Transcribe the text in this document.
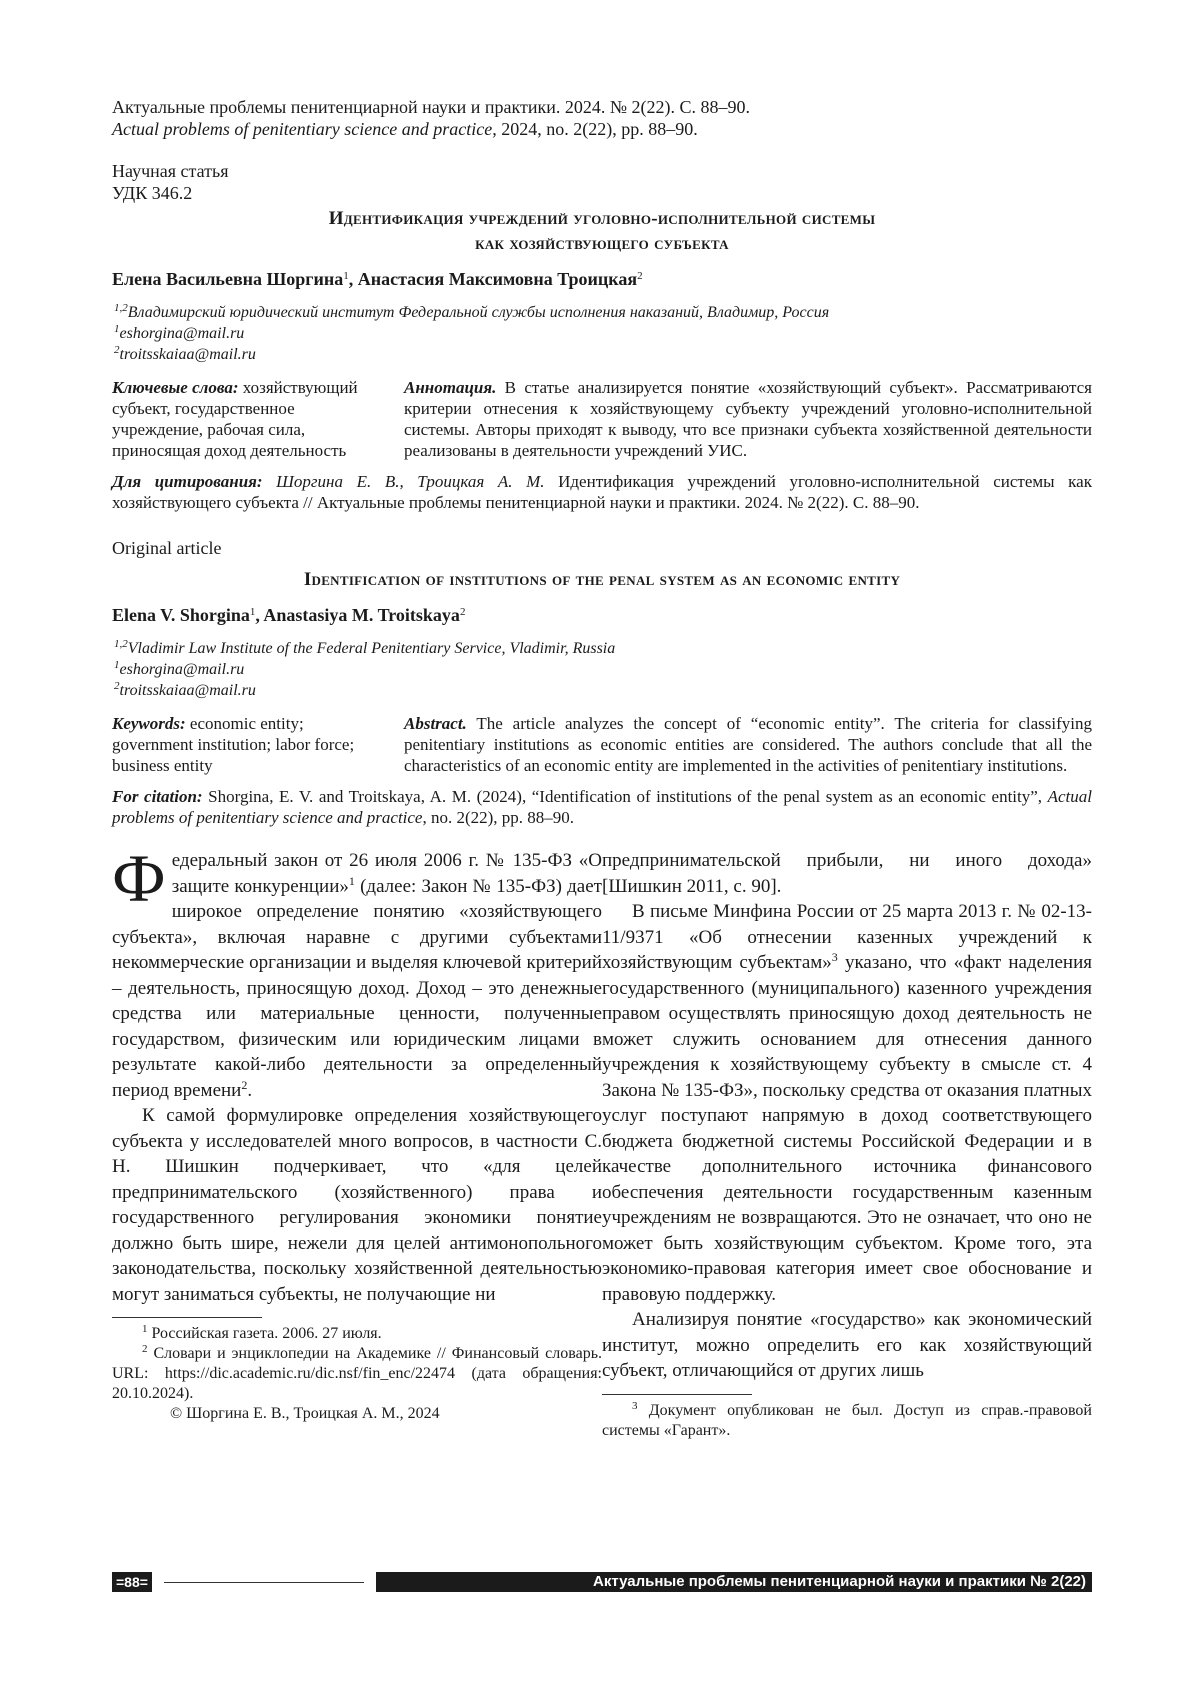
Актуальные проблемы пенитенциарной науки и практики. 2024. № 2(22). С. 88–90.
Actual problems of penitentiary science and practice, 2024, no. 2(22), pp. 88–90.
Научная статья
УДК 346.2
Идентификация учреждений уголовно-исполнительной системы
как хозяйствующего субъекта
Елена Васильевна Шоргина$^1$, Анастасия Максимовна Троицкая$^2$
$^{1,2}$Владимирский юридический институт Федеральной службы исполнения наказаний, Владимир, Россия
$^1$eshorgina@mail.ru
$^2$troitsskaiaa@mail.ru
Ключевые слова: хозяйствующий субъект, государственное учреждение, рабочая сила, приносящая доход деятельность
Аннотация. В статье анализируется понятие «хозяйствующий субъект». Рассматриваются критерии отнесения к хозяйствующему субъекту учреждений уголовно-исполнительной системы. Авторы приходят к выводу, что все признаки субъекта хозяйственной деятельности реализованы в деятельности учреждений УИС.
Для цитирования: Шоргина Е. В., Троицкая А. М. Идентификация учреждений уголовно-исполнительной системы как хозяйствующего субъекта // Актуальные проблемы пенитенциарной науки и практики. 2024. № 2(22). С. 88–90.
Original article
Identification of institutions of the penal system as an economic entity
Elena V. Shorgina$^1$, Anastasiya M. Troitskaya$^2$
$^{1,2}$Vladimir Law Institute of the Federal Penitentiary Service, Vladimir, Russia
$^1$eshorgina@mail.ru
$^2$troitsskaiaa@mail.ru
Keywords: economic entity; government institution; labor force; business entity
Abstract. The article analyzes the concept of “economic entity”. The criteria for classifying penitentiary institutions as economic entities are considered. The authors conclude that all the characteristics of an economic entity are implemented in the activities of penitentiary institutions.
For citation: Shorgina, E. V. and Troitskaya, A. M. (2024), “Identification of institutions of the penal system as an economic entity”, Actual problems of penitentiary science and practice, no. 2(22), pp. 88–90.

Федеральный закон от 26 июля 2006 г. № 135-ФЗ «О защите конкуренции»$^1$ (далее: Закон № 135-ФЗ) дает широкое определение понятию «хозяйствующего субъекта», включая наравне с другими субъектами некоммерческие организации и выделяя ключевой критерий – деятельность, приносящую доход. Доход – это денежные средства или материальные ценности, полученные государством, физическим или юридическим лицами в результате какой-либо деятельности за определенный период времени$^2$.

К самой формулировке определения хозяйствующего субъекта у исследователей много вопросов, в частности С. Н. Шишкин подчеркивает, что «для целей предпринимательского (хозяйственного) права и государственного регулирования экономики понятие должно быть шире, нежели для целей антимонопольного законодательства, поскольку хозяйственной деятельностью могут заниматься субъекты, не получающие ни

$^1$ Российская газета. 2006. 27 июля.

$^2$ Словари и энциклопедии на Академике // Финансовый словарь. URL: https://dic.academic.ru/dic.nsf/fin_enc/22474 (дата обращения: 20.10.2024).

© Шоргина Е. В., Троицкая А. М., 2024

предпринимательской прибыли, ни иного дохода» [Шишкин 2011, с. 90].

В письме Минфина России от 25 марта 2013 г. № 02-13-11/9371 «Об отнесении казенных учреждений к хозяйствующим субъектам»$^3$ указано, что «факт наделения государственного (муниципального) казенного учреждения правом осуществлять приносящую доход деятельность не может служить основанием для отнесения данного учреждения к хозяйствующему субъекту в смысле ст. 4 Закона № 135-ФЗ», поскольку средства от оказания платных услуг поступают напрямую в доход соответствующего бюджета бюджетной системы Российской Федерации и в качестве дополнительного источника финансового обеспечения деятельности государственным казенным учреждениям не возвращаются. Это не означает, что оно не может быть хозяйствующим субъектом. Кроме того, эта экономико-правовая категория имеет свое обоснование и правовую поддержку.

Анализируя понятие «государство» как экономический институт, можно определить его как хозяйствующий субъект, отличающийся от других лишь

$^3$ Документ опубликован не был. Доступ из справ.-правовой системы «Гарант».

=88=	Актуальные проблемы пенитенциарной науки и практики № 2(22)
